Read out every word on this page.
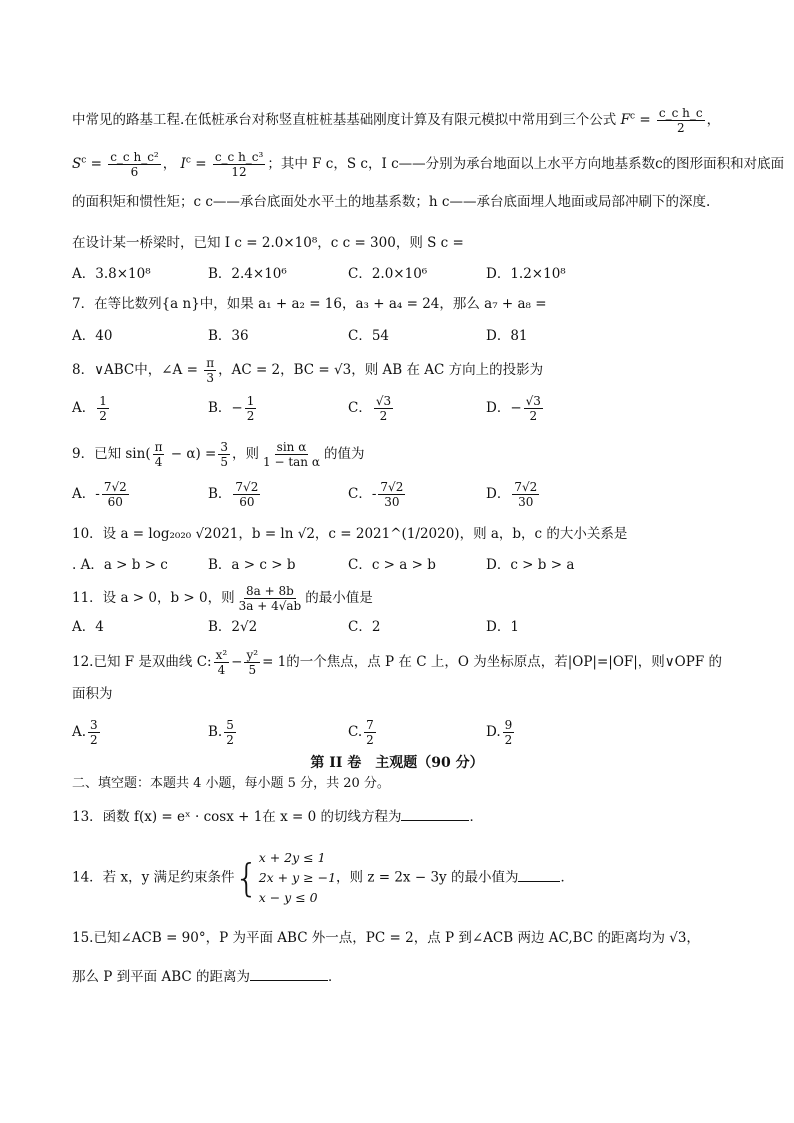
中常见的路基工程.在低桩承台对称竖直桩桩基基础刚度计算及有限元模拟中常用到三个公式 $F^c = \frac{\text{c\_c h\_c}}{2}$ ，
$S^c = \frac{\text{c\_c h\_c²}}{6}$ ， $I^c = \frac{\text{c\_c h\_c³}}{12}$ ；其中 F c，S c，I c——分别为承台地面以上水平方向地基系数c的图形面积和对底面
的面积矩和惯性矩；c c——承台底面处水平土的地基系数；h c——承台底面埋人地面或局部冲刷下的深度.
在设计某一桥梁时，已知 I c = 2.0×10⁸，c c = 300，则 S c =
A．3.8×10⁸	B．2.4×10⁶	C．2.0×10⁶	D．1.2×10⁸
7．在等比数列{a n}中，如果 a₁ + a₂ = 16，a₃ + a₄ = 24，那么 a₇ + a₈ =
A．40	B．36	C．54	D．81
8．∨ABC中，∠A = $\frac{\pi}{3}$ ，AC = 2，BC = √3，则 AB 在 AC 方向上的投影为
A． $\frac{1}{2}$	B．− $\frac{1}{2}$	C． $\frac{√3}{2}$	D．− $\frac{√3}{2}$
9．已知 $\sin( \frac{\pi}{4} - \alpha) = \frac{3}{5}$ ，则 $\frac{\text{sin α}}{\text{1 − tan α}}$ 的值为
A．- $\frac{7√2}{60}$	B． $\frac{7√2}{60}$	C．- $\frac{7√2}{30}$	D． $\frac{7√2}{30}$
10．设 a = log₂₀₂₀ √2021，b = ln √2，c = 2021^(1/2020)，则 a，b，c 的大小关系是
. A．a > b > c	B．a > c > b	C．c > a > b	D．c > b > a
11．设 a > 0，b > 0，则 $\frac{8a + 8b}{3a + 4√ab}$ 的最小值是
A．4	B．2√2	C．2	D．1
12.已知 F 是双曲线 C: $\frac{\text{x²}}{4} - \frac{\text{y²}}{5} = 1$的一个焦点，点 P 在 C 上，O 为坐标原点，若|OP|=|OF|，则∨OPF 的
面积为
A. $\frac{3}{2}$	B. $\frac{5}{2}$	C. $\frac{7}{2}$	D. $\frac{9}{2}$
第 II 卷　主观题（90 分）
二、填空题：本题共 4 小题，每小题 5 分，共 20 分。
13．函数 f(x) = eˣ · cosx + 1在 x = 0 的切线方程为	．
14．若 x，y 满足约束条件{ x + 2y ≤ 1
2x + y ≥ −1
x − y ≤ 0
，则 z = 2x − 3y 的最小值为	．
15.已知∠ACB = 90°，P 为平面 ABC 外一点，PC = 2，点 P 到∠ACB 两边 AC,BC 的距离均为 √3，
那么 P 到平面 ABC 的距离为	．
